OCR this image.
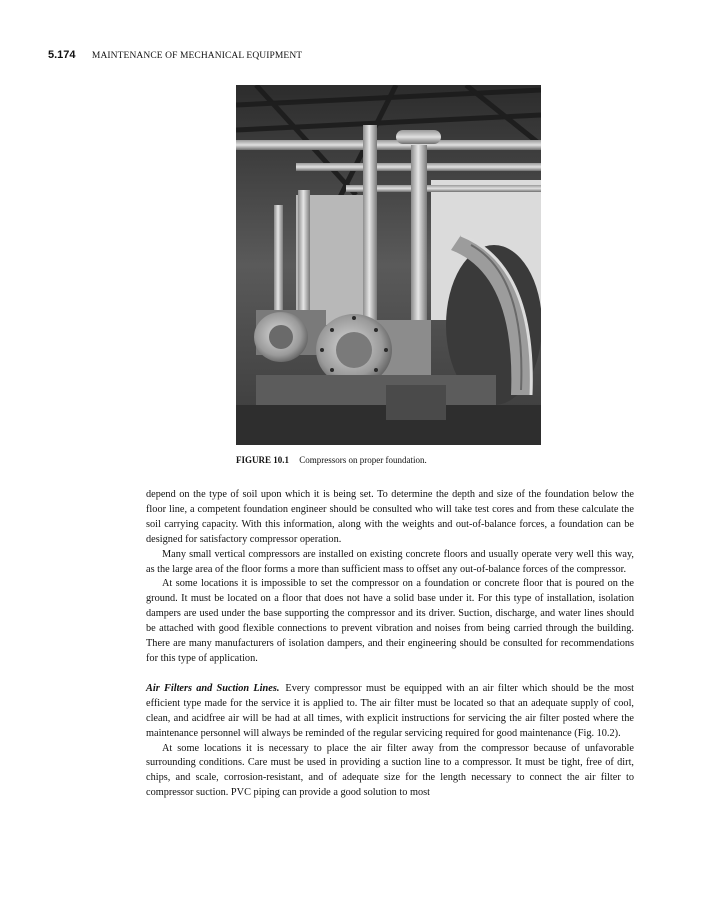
5.174 MAINTENANCE OF MECHANICAL EQUIPMENT
FIGURE 10.1 Compressors on proper foundation.

depend on the type of soil upon which it is being set. To determine the depth and size of the foundation below the floor line, a competent foundation engineer should be consulted who will take test cores and from these calculate the soil carrying capacity. With this information, along with the weights and out-of-balance forces, a foundation can be designed for satisfactory compressor operation.

Many small vertical compressors are installed on existing concrete floors and usually operate very well this way, as the large area of the floor forms a more than sufficient mass to offset any out-of-balance forces of the compressor.

At some locations it is impossible to set the compressor on a foundation or concrete floor that is poured on the ground. It must be located on a floor that does not have a solid base under it. For this type of installation, isolation dampers are used under the base supporting the compressor and its driver. Suction, discharge, and water lines should be attached with good flexible connections to prevent vibration and noises from being carried through the building. There are many manufacturers of isolation dampers, and their engineering should be consulted for recommendations for this type of application.

Air Filters and Suction Lines. Every compressor must be equipped with an air filter which should be the most efficient type made for the service it is applied to. The air filter must be located so that an adequate supply of cool, clean, and acidfree air will be had at all times, with explicit instructions for servicing the air filter posted where the maintenance personnel will always be reminded of the regular servicing required for good maintenance (Fig. 10.2).

At some locations it is necessary to place the air filter away from the compressor because of unfavorable surrounding conditions. Care must be used in providing a suction line to a compressor. It must be tight, free of dirt, chips, and scale, corrosion-resistant, and of adequate size for the length necessary to connect the air filter to compressor suction. PVC piping can provide a good solution to most
